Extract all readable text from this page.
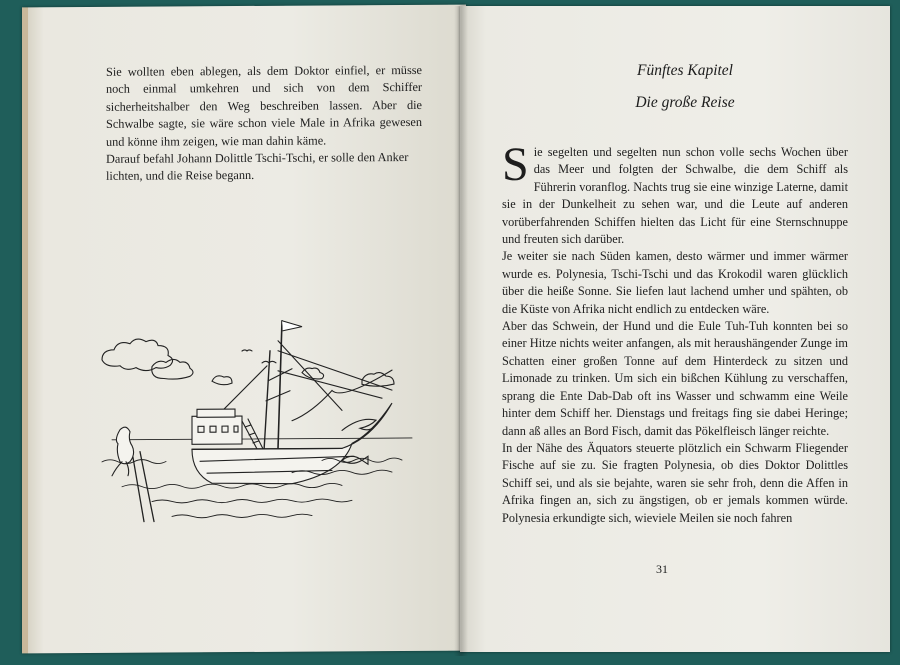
Sie wollten eben ablegen, als dem Doktor einfiel, er müsse noch einmal umkehren und sich von dem Schiffer sicherheitshalber den Weg beschreiben lassen. Aber die Schwalbe sagte, sie wäre schon viele Male in Afrika gewesen und könne ihm zeigen, wie man dahin käme.

Darauf befahl Johann Dolittle Tschi-Tschi, er solle den Anker lichten, und die Reise begann.

Fünftes Kapitel
Die große Reise
S ie segelten und segelten nun schon volle sechs Wochen über das Meer und folgten der Schwalbe, die dem Schiff als Führerin voranflog. Nachts trug sie eine winzige Laterne, damit sie in der Dunkelheit zu sehen war, und die Leute auf anderen vorüberfahrenden Schiffen hielten das Licht für eine Sternschnuppe und freuten sich darüber.

Je weiter sie nach Süden kamen, desto wärmer und immer wärmer wurde es. Polynesia, Tschi-Tschi und das Krokodil waren glücklich über die heiße Sonne. Sie liefen laut lachend umher und spähten, ob die Küste von Afrika nicht endlich zu entdecken wäre.

Aber das Schwein, der Hund und die Eule Tuh-Tuh konnten bei so einer Hitze nichts weiter anfangen, als mit heraushängender Zunge im Schatten einer großen Tonne auf dem Hinterdeck zu sitzen und Limonade zu trinken. Um sich ein bißchen Kühlung zu verschaffen, sprang die Ente Dab-Dab oft ins Wasser und schwamm eine Weile hinter dem Schiff her. Dienstags und freitags fing sie dabei Heringe; dann aß alles an Bord Fisch, damit das Pökelfleisch länger reichte.

In der Nähe des Äquators steuerte plötzlich ein Schwarm Fliegender Fische auf sie zu. Sie fragten Polynesia, ob dies Doktor Dolittles Schiff sei, und als sie bejahte, waren sie sehr froh, denn die Affen in Afrika fingen an, sich zu ängstigen, ob er jemals kommen würde. Polynesia erkundigte sich, wieviele Meilen sie noch fahren

31
